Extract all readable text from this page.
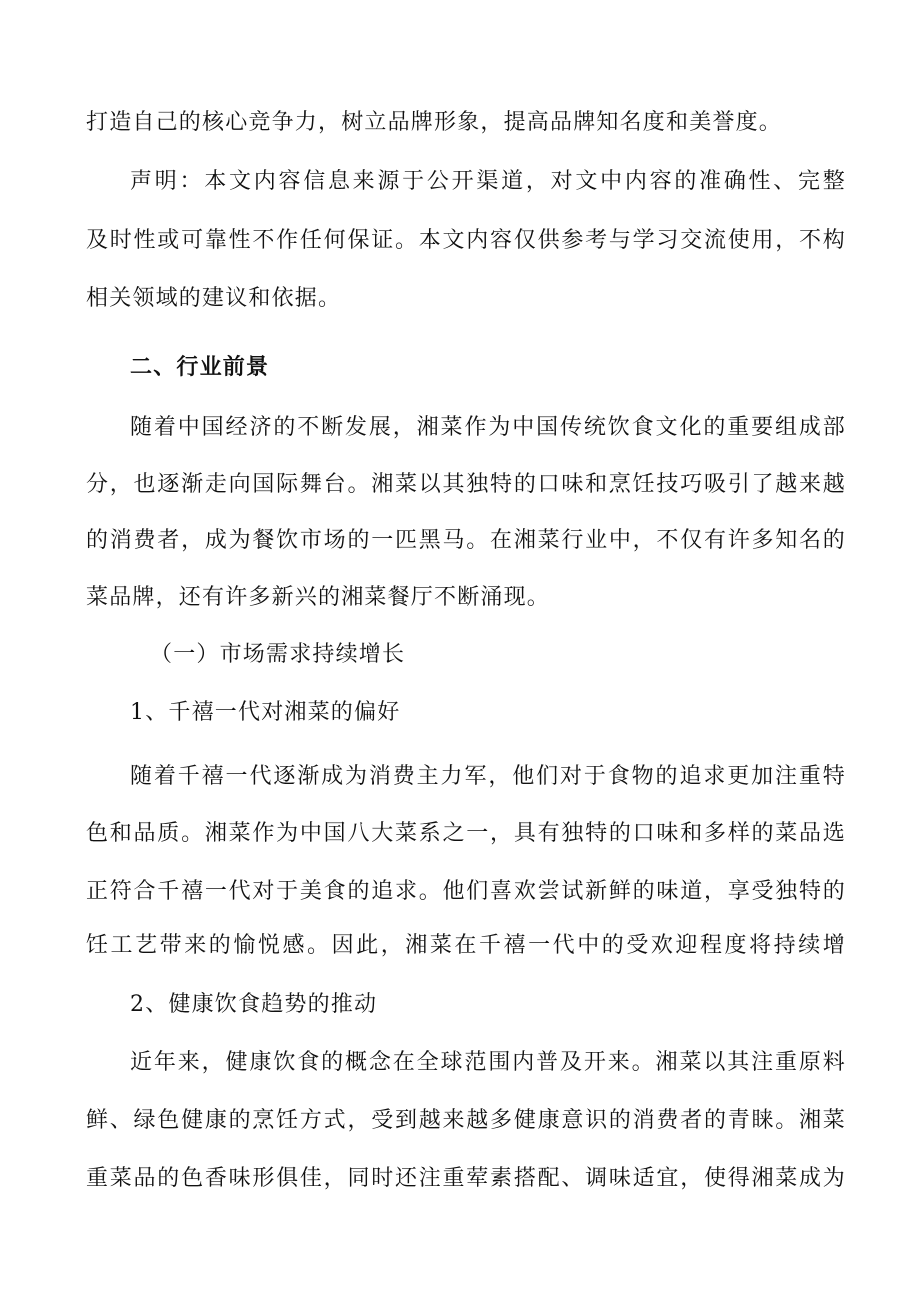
打造自己的核心竞争力，树立品牌形象，提高品牌知名度和美誉度。
声明：本文内容信息来源于公开渠道，对文中内容的准确性、完整
及时性或可靠性不作任何保证。本文内容仅供参考与学习交流使用，不构
相关领域的建议和依据。
二、行业前景
随着中国经济的不断发展，湘菜作为中国传统饮食文化的重要组成部
分，也逐渐走向国际舞台。湘菜以其独特的口味和烹饪技巧吸引了越来越
的消费者，成为餐饮市场的一匹黑马。在湘菜行业中，不仅有许多知名的
菜品牌，还有许多新兴的湘菜餐厅不断涌现。
（一）市场需求持续增长
1、千禧一代对湘菜的偏好
随着千禧一代逐渐成为消费主力军，他们对于食物的追求更加注重特
色和品质。湘菜作为中国八大菜系之一，具有独特的口味和多样的菜品选
正符合千禧一代对于美食的追求。他们喜欢尝试新鲜的味道，享受独特的
饪工艺带来的愉悦感。因此，湘菜在千禧一代中的受欢迎程度将持续增
2、健康饮食趋势的推动
近年来，健康饮食的概念在全球范围内普及开来。湘菜以其注重原料
鲜、绿色健康的烹饪方式，受到越来越多健康意识的消费者的青睐。湘菜
重菜品的色香味形俱佳，同时还注重荤素搭配、调味适宜，使得湘菜成为
